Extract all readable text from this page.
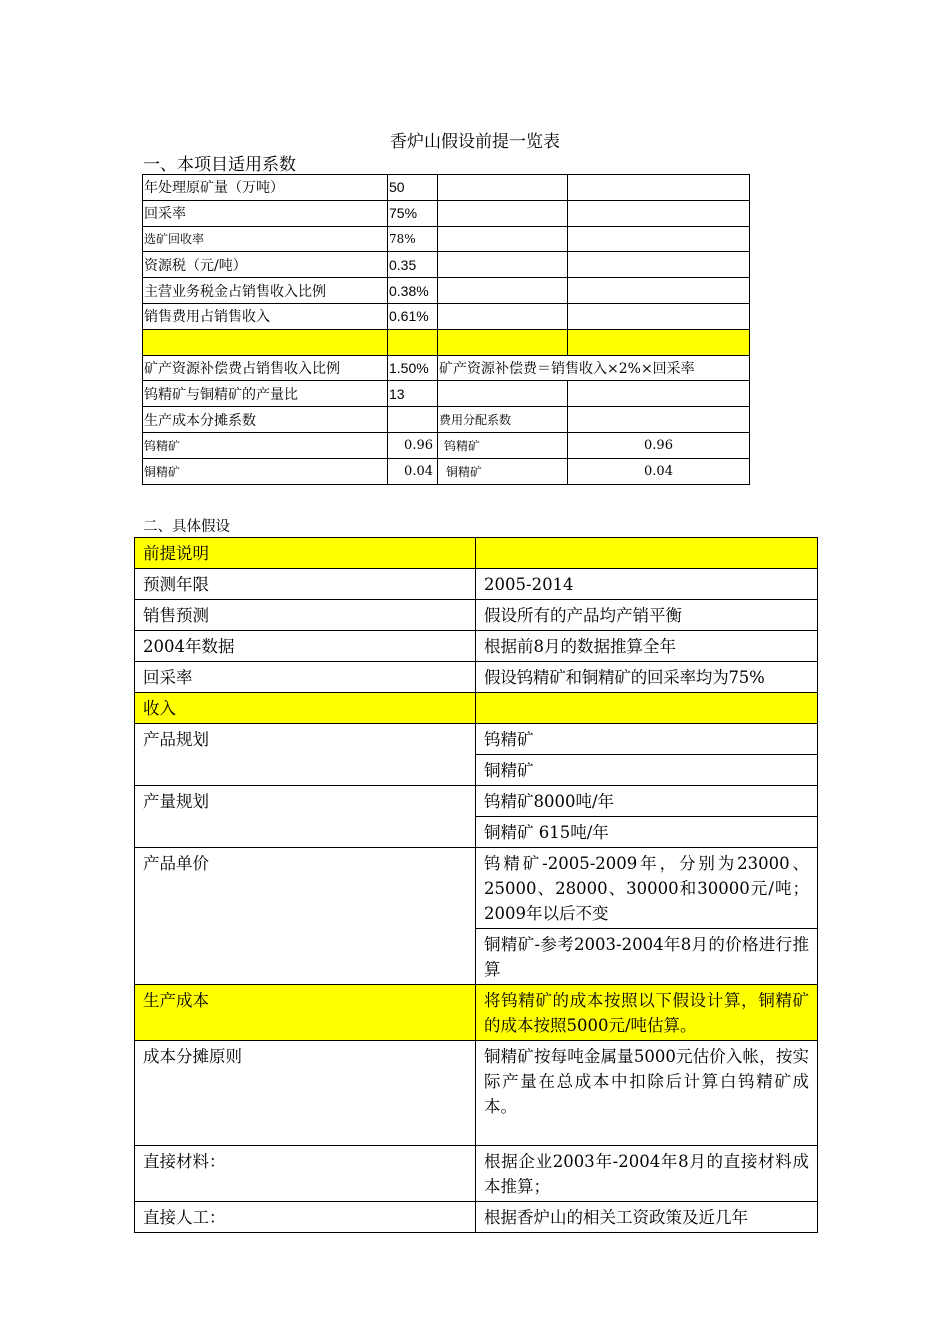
香炉山假设前提一览表
一、本项目适用系数
年处理原矿量（万吨）	50		
回采率	75%		
选矿回收率	78%		
资源税（元/吨）	0.35		
主营业务税金占销售收入比例	0.38%		
销售费用占销售收入	0.61%		

矿产资源补偿费占销售收入比例	1.50%	矿产资源补偿费＝销售收入×2%×回采率	
钨精矿与铜精矿的产量比	13		
生产成本分摊系数		费用分配系数	
钨精矿	0.96	钨精矿	0.96
铜精矿	0.04	铜精矿	0.04
二、具体假设
前提说明	
预测年限	2005-2014
销售预测	假设所有的产品均产销平衡
2004年数据	根据前8月的数据推算全年
回采率	假设钨精矿和铜精矿的回采率均为75%
收入	
产品规划	钨精矿
	铜精矿
产量规划	钨精矿8000吨/年
	铜精矿 615吨/年
产品单价	钨精矿-2005-2009年，分别为23000、25000、28000、30000和30000元/吨；2009年以后不变
	铜精矿-参考2003-2004年8月的价格进行推算
生产成本	将钨精矿的成本按照以下假设计算，铜精矿的成本按照5000元/吨估算。
成本分摊原则	铜精矿按每吨金属量5000元估价入帐，按实际产量在总成本中扣除后计算白钨精矿成本。
直接材料：	根据企业2003年-2004年8月的直接材料成本推算；
直接人工：	根据香炉山的相关工资政策及近几年
